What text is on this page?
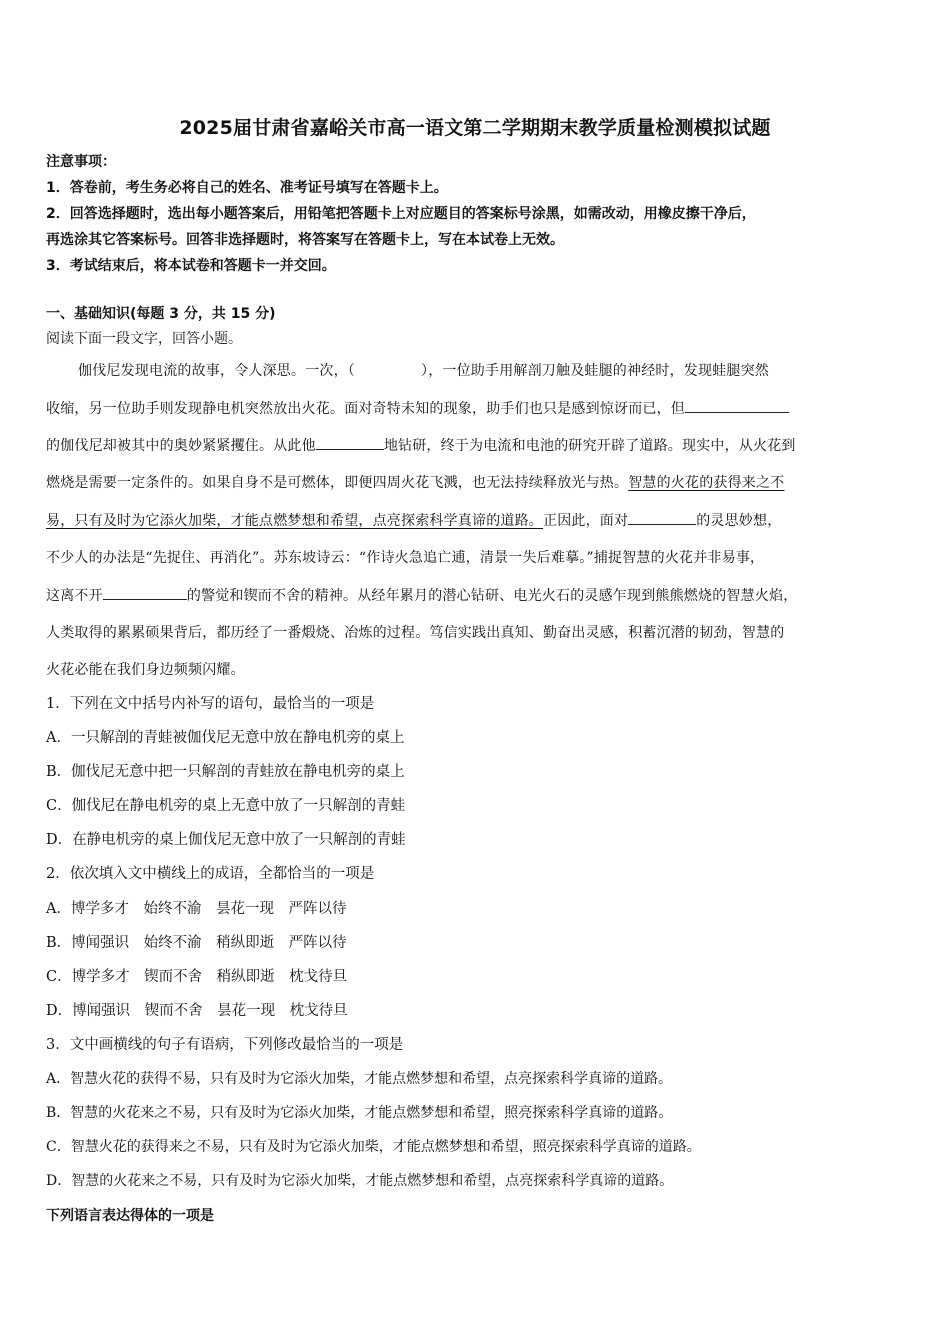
2025届甘肃省嘉峪关市高一语文第二学期期末教学质量检测模拟试题
注意事项：
1．答卷前，考生务必将自己的姓名、准考证号填写在答题卡上。
2．回答选择题时，选出每小题答案后，用铅笔把答题卡上对应题目的答案标号涂黑，如需改动，用橡皮擦干净后，
再选涂其它答案标号。回答非选择题时，将答案写在答题卡上，写在本试卷上无效。
3．考试结束后，将本试卷和答题卡一并交回。
一、基础知识(每题 3 分，共 15 分)
阅读下面一段文字，回答小题。
伽伐尼发现电流的故事，令人深思。一次，（	），一位助手用解剖刀触及蛙腿的神经时，发现蛙腿突然
收缩，另一位助手则发现静电机突然放出火花。面对奇特未知的现象，助手们也只是感到惊讶而已，但
的伽伐尼却被其中的奥妙紧紧攫住。从此他	地钻研，终于为电流和电池的研究开辟了道路。现实中，从火花到
燃烧是需要一定条件的。如果自身不是可燃体，即便四周火花飞溅，也无法持续释放光与热。智慧的火花的获得来之不
易，只有及时为它添火加柴，才能点燃梦想和希望，点亮探索科学真谛的道路。正因此，面对	的灵思妙想，
不少人的办法是“先捉住、再消化”。苏东坡诗云：“作诗火急追亡逋，清景一失后难摹。”捕捉智慧的火花并非易事，
这离不开	的警觉和锲而不舍的精神。从经年累月的潜心钻研、电光火石的灵感乍现到熊熊燃烧的智慧火焰，
人类取得的累累硕果背后，都历经了一番煅烧、冶炼的过程。笃信实践出真知、勤奋出灵感，积蓄沉潜的韧劲，智慧的
火花必能在我们身边频频闪耀。
1．下列在文中括号内补写的语句，最恰当的一项是
A．一只解剖的青蛙被伽伐尼无意中放在静电机旁的桌上
B．伽伐尼无意中把一只解剖的青蛙放在静电机旁的桌上
C．伽伐尼在静电机旁的桌上无意中放了一只解剖的青蛙
D．在静电机旁的桌上伽伐尼无意中放了一只解剖的青蛙
2．依次填入文中横线上的成语，全都恰当的一项是
A．博学多才　始终不渝　昙花一现　严阵以待
B．博闻强识　始终不渝　稍纵即逝　严阵以待
C．博学多才　锲而不舍　稍纵即逝　枕戈待旦
D．博闻强识　锲而不舍　昙花一现　枕戈待旦
3．文中画横线的句子有语病，下列修改最恰当的一项是
A．智慧火花的获得不易，只有及时为它添火加柴，才能点燃梦想和希望，点亮探索科学真谛的道路。
B．智慧的火花来之不易，只有及时为它添火加柴，才能点燃梦想和希望，照亮探索科学真谛的道路。
C．智慧火花的获得来之不易，只有及时为它添火加柴，才能点燃梦想和希望，照亮探索科学真谛的道路。
D．智慧的火花来之不易，只有及时为它添火加柴，才能点燃梦想和希望，点亮探索科学真谛的道路。
下列语言表达得体的一项是
